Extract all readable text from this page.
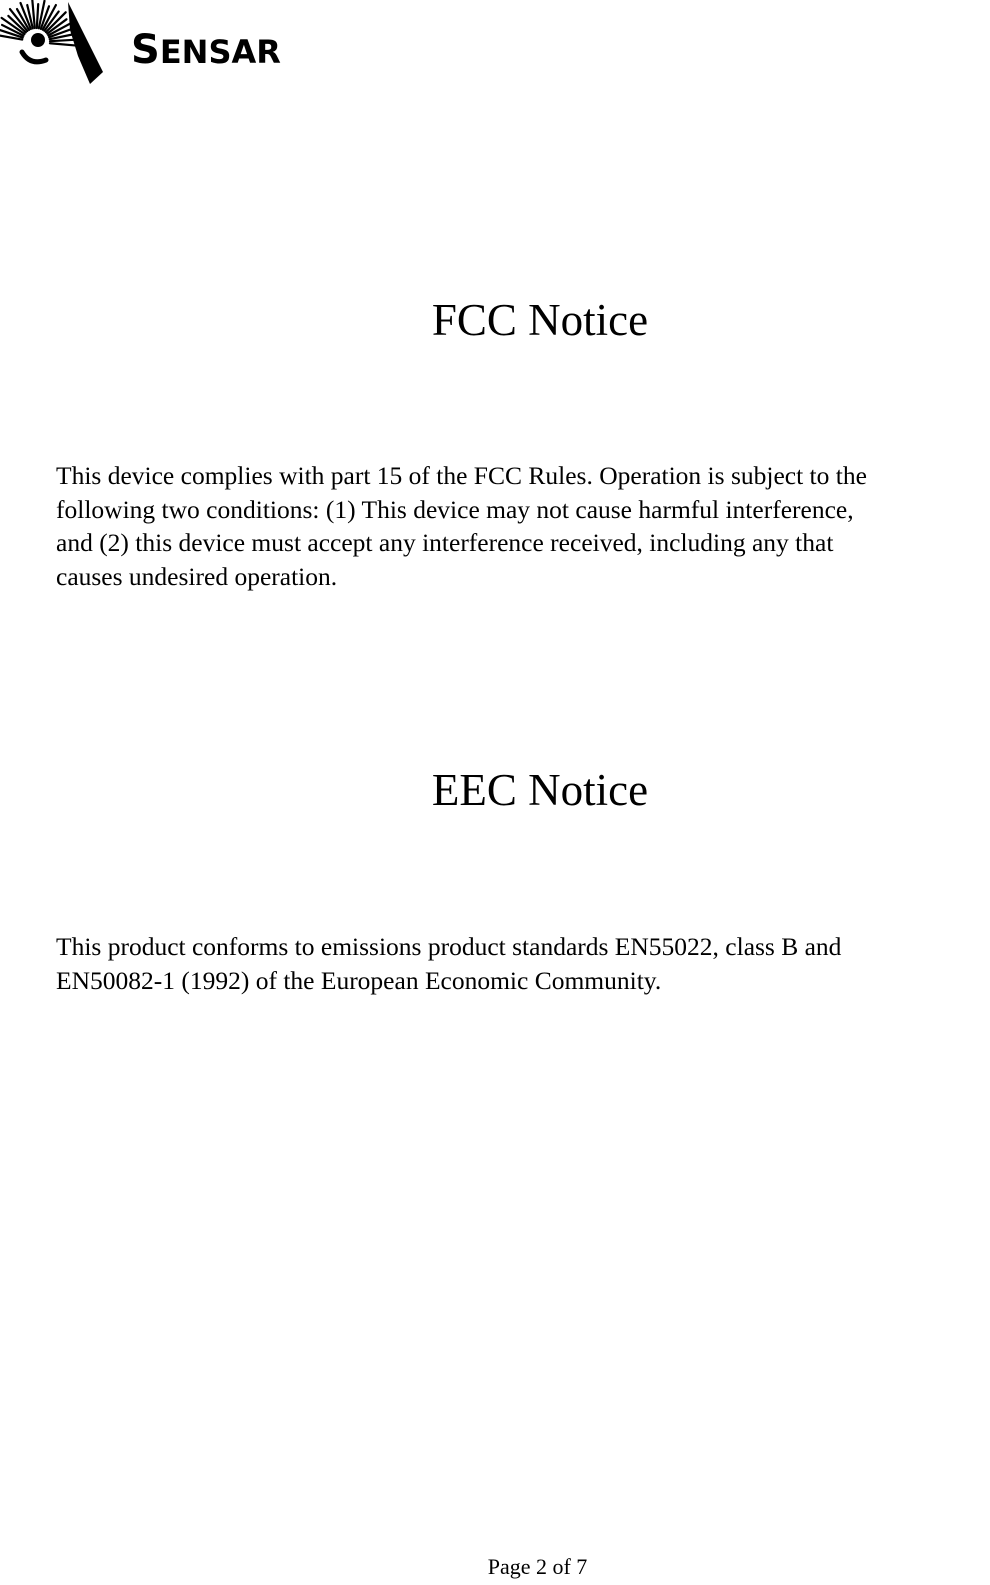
SENSAR
FCC Notice
This device complies with part 15 of the FCC Rules. Operation is subject to the
following two conditions: (1) This device may not cause harmful interference,
and (2) this device must accept any interference received, including any that
causes undesired operation.
EEC Notice
This product conforms to emissions product standards EN55022, class B and
EN50082-1 (1992) of the European Economic Community.
Page 2 of 7
